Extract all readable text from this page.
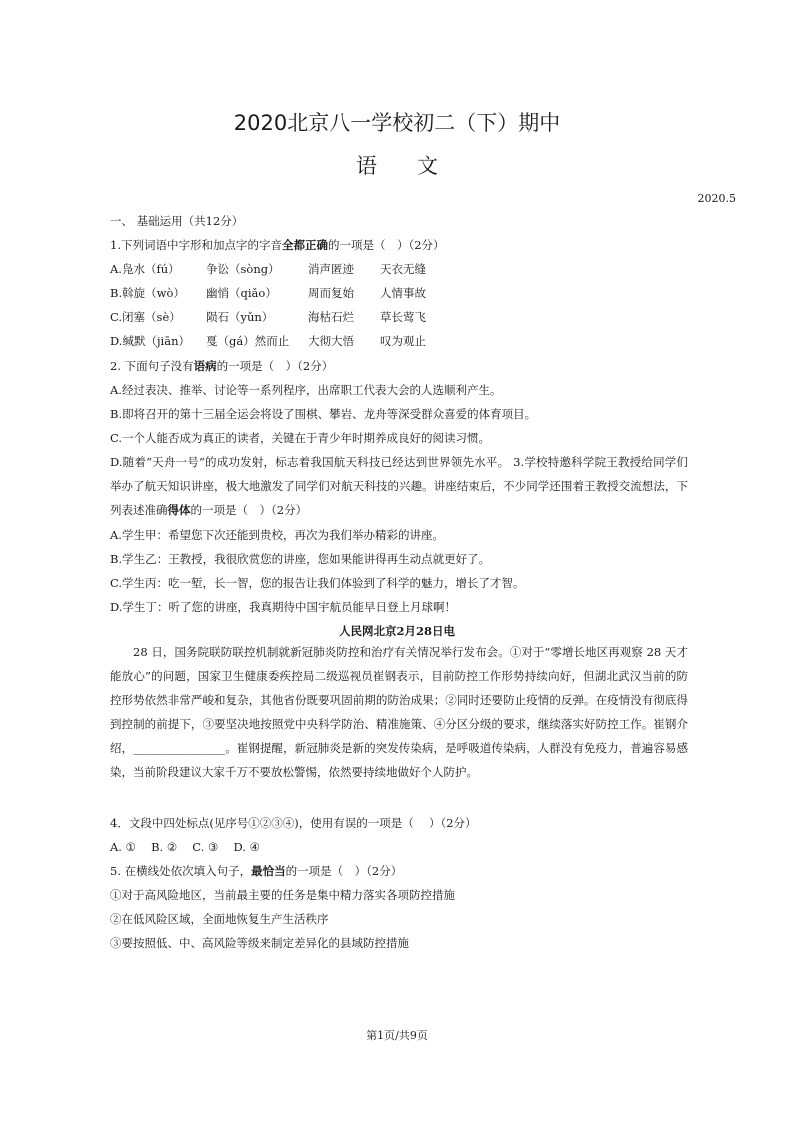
2020北京八一学校初二（下）期中
语文
2020.5
一、 基础运用（共12分）
1.下列词语中字形和加点字的字音全都正确的一项是（　）（2分）
A.凫水（fú） 争讼（sòng） 消声匿迹 天衣无缝
B.斡旋（wò） 幽悄（qiǎo）	周而复始 人情事故
C.闭塞（sè） 陨石（yǔn）	海枯石烂 草长莺飞
D.缄默（jiān） 戛（gá）然而止 大彻大悟 叹为观止
2. 下面句子没有语病的一项是（　）（2分）
A.经过表决、推举、讨论等一系列程序，出席职工代表大会的人选顺利产生。
B.即将召开的第十三届全运会将设了围棋、攀岩、龙舟等深受群众喜爱的体育项目。
C.一个人能否成为真正的读者，关键在于青少年时期养成良好的阅读习惯。
D.随着“天舟一号”的成功发射，标志着我国航天科技已经达到世界领先水平。 3.学校特邀科学院王教授给同学们举办了航天知识讲座，极大地激发了同学们对航天科技的兴趣。讲座结束后，不少同学还围着王教授交流想法，下列表述准确得体的一项是（　）（2分）
A.学生甲：希望您下次还能到贵校，再次为我们举办精彩的讲座。
B.学生乙：王教授，我很欣赏您的讲座，您如果能讲得再生动点就更好了。
C.学生丙：吃一堑，长一智，您的报告让我们体验到了科学的魅力，增长了才智。
D.学生丁：听了您的讲座，我真期待中国宇航员能早日登上月球啊！
人民网北京2月28日电
28 日，国务院联防联控机制就新冠肺炎防控和治疗有关情况举行发布会。①对于“零增长地区再观察 28 天才能放心”的问题，国家卫生健康委疾控局二级巡视员崔钢表示，目前防控工作形势持续向好，但湖北武汉当前的防控形势依然非常严峻和复杂，其他省份既要巩固前期的防治成果；②同时还要防止疫情的反弹。在疫情没有彻底得到控制的前提下，③要坚决地按照党中央科学防治、精准施策、④分区分级的要求，继续落实好防控工作。崔钢介绍，________________。崔钢提醒，新冠肺炎是新的突发传染病，是呼吸道传染病，人群没有免疫力，普遍容易感染，当前阶段建议大家千万不要放松警惕，依然要持续地做好个人防护。
4．文段中四处标点(见序号①②③④)，使用有误的一项是（　 ）（2分）
A. ①　 B. ②　 C. ③　 D. ④
5. 在横线处依次填入句子，最恰当的一项是（　）（2分）
①对于高风险地区，当前最主要的任务是集中精力落实各项防控措施
②在低风险区域，全面地恢复生产生活秩序
③要按照低、中、高风险等级来制定差异化的县域防控措施
第1页/共9页
